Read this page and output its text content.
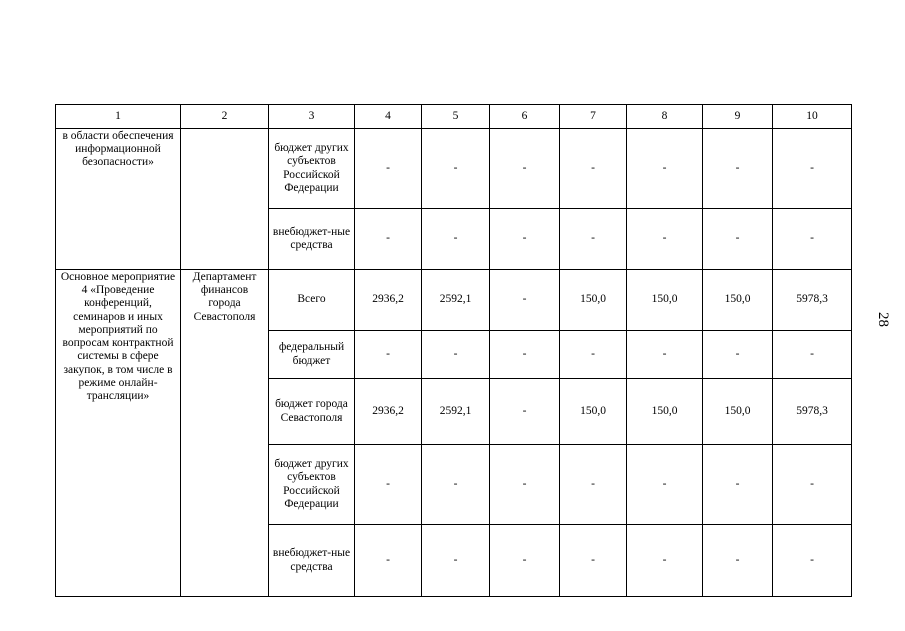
1	2	3	4	5	6	7	8	9	10
в области обеспечения информационной безопасности»		бюджет других субъектов Российской Федерации	-	-	-	-	-	-	-
		внебюджет-ные средства	-	-	-	-	-	-	-
Основное мероприятие 4 «Проведение конференций, семинаров и иных мероприятий по вопросам контрактной системы в сфере закупок, в том числе в режиме онлайн-трансляции»	Департамент финансов города Севастополя	Всего	2936,2	2592,1	-	150,0	150,0	150,0	5978,3
		федеральный бюджет	-	-	-	-	-	-	-
		бюджет города Севастополя	2936,2	2592,1	-	150,0	150,0	150,0	5978,3
		бюджет других субъектов Российской Федерации	-	-	-	-	-	-	-
		внебюджет-ные средства	-	-	-	-	-	-	-
28
